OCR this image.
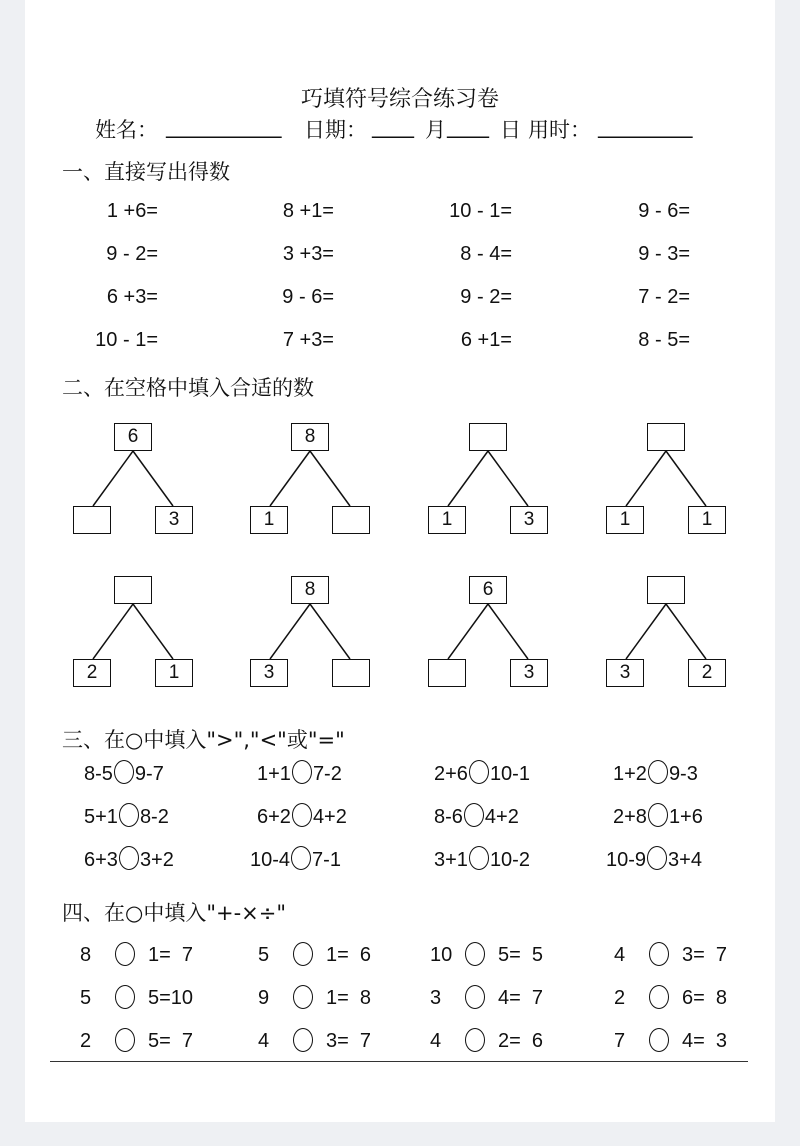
巧填符号综合练习卷
姓名： ___________ 日期： ____ 月 ____ 日 用时： _________
一、直接写出得数
1 +6=	8 +1=	10 - 1=	9 - 6=
9 - 2=	3 +3=	8 - 4=	9 - 3=
6 +3=	9 - 6=	9 - 2=	7 - 2=
10 - 1=	7 +3=	6 +1=	8 - 5=
二、在空格中填入合适的数
6
3
8
1	1	3	1	1
2	1
8
3
6
3	3	2
三、在○中填入">","<"或"="
8-5 9-7	1+1 7-2	2+6 10-1	1+2 9-3
5+1 8-2	6+2 4+2	8-6 4+2	2+8 1+6
6+3 3+2	10-4 7-1	3+1 10-2	10-9 3+4
四、在○中填入"+-×÷"
8	1=  7	5	1=  6	10 5=  5	4	3=  7
5	5=10	9	1=  8	3	4=  7	2	6=  8
2	5=  7	4	3=  7	4	2=  6	7	4=  3
